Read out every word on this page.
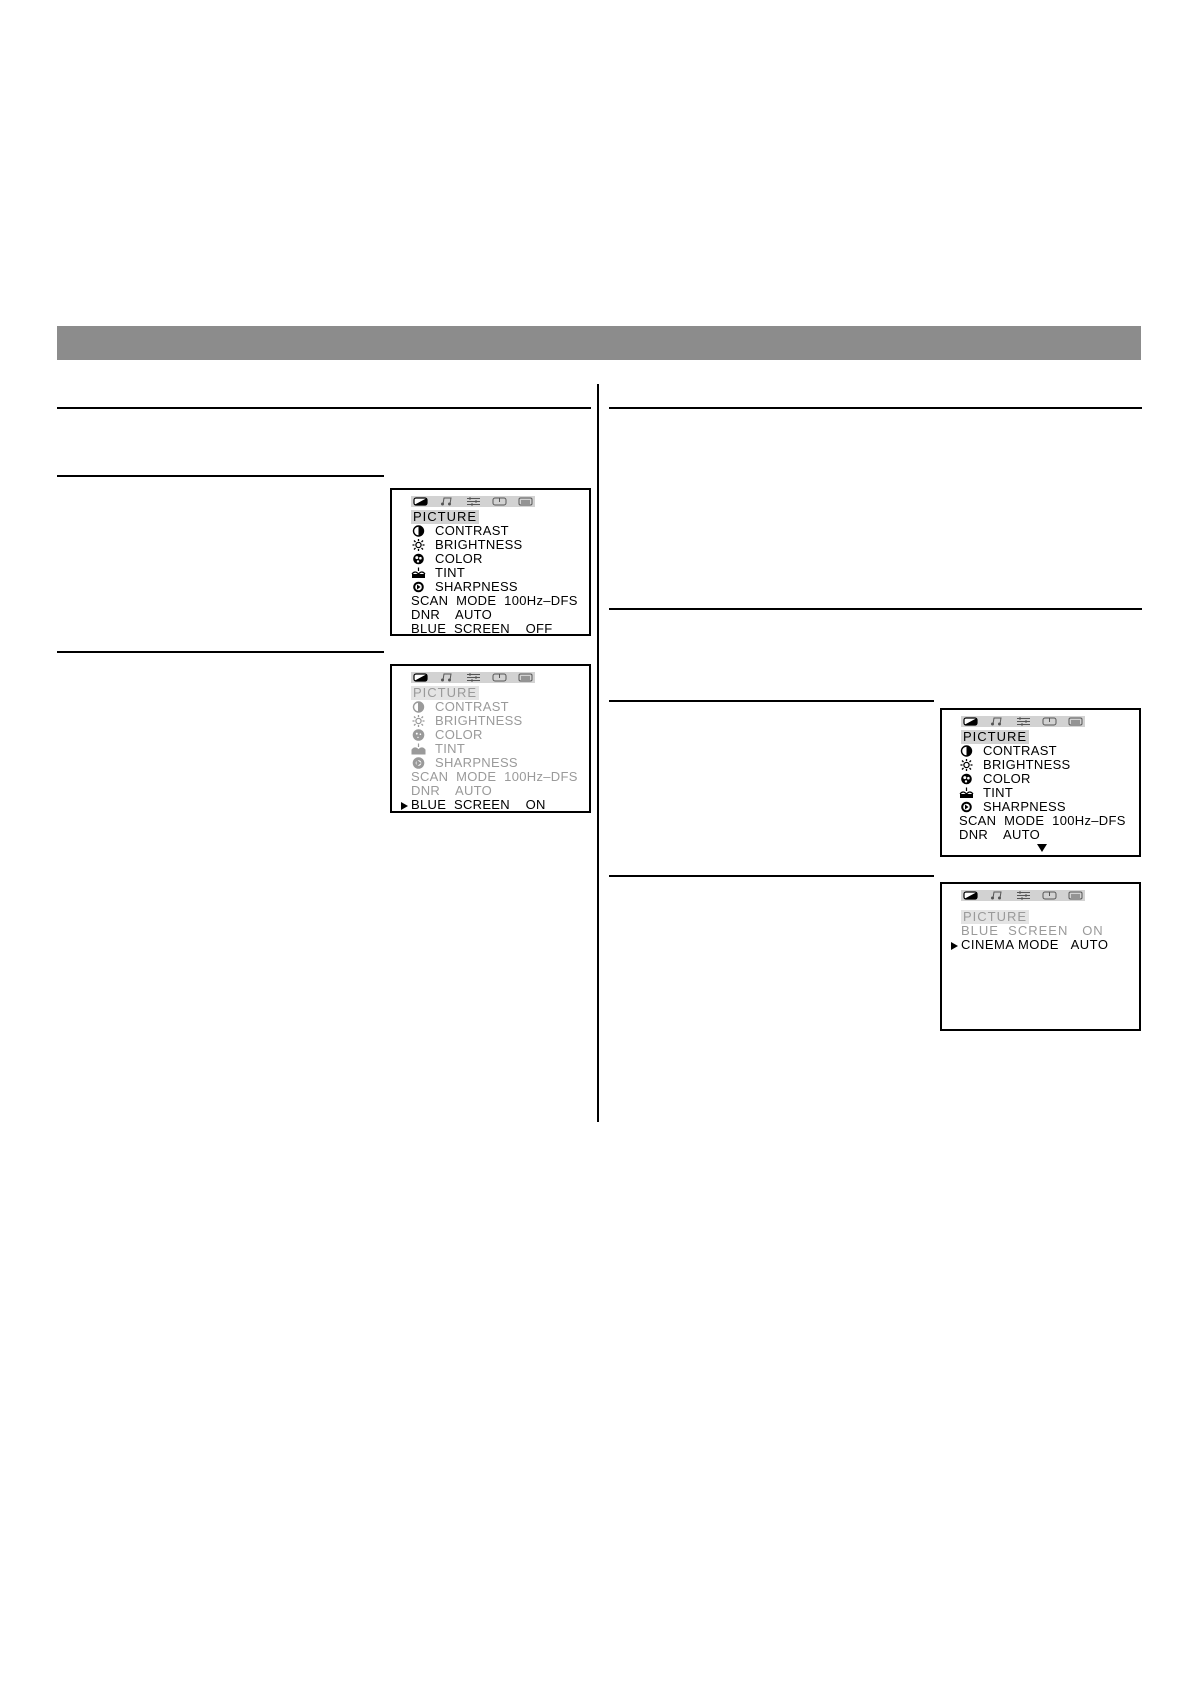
PICTURE
CONTRAST
BRIGHTNESS
COLOR
TINT
SHARPNESS
SCAN  MODE  100Hz–DFS
DNR    AUTO
BLUE  SCREEN    OFF
PICTURE
CONTRAST
BRIGHTNESS
COLOR
TINT
SHARPNESS
SCAN  MODE  100Hz–DFS
DNR    AUTO
BLUE  SCREEN    ON
PICTURE
CONTRAST
BRIGHTNESS
COLOR
TINT
SHARPNESS
SCAN  MODE  100Hz–DFS
DNR    AUTO
PICTURE
BLUE  SCREEN   ON
CINEMA MODE   AUTO
